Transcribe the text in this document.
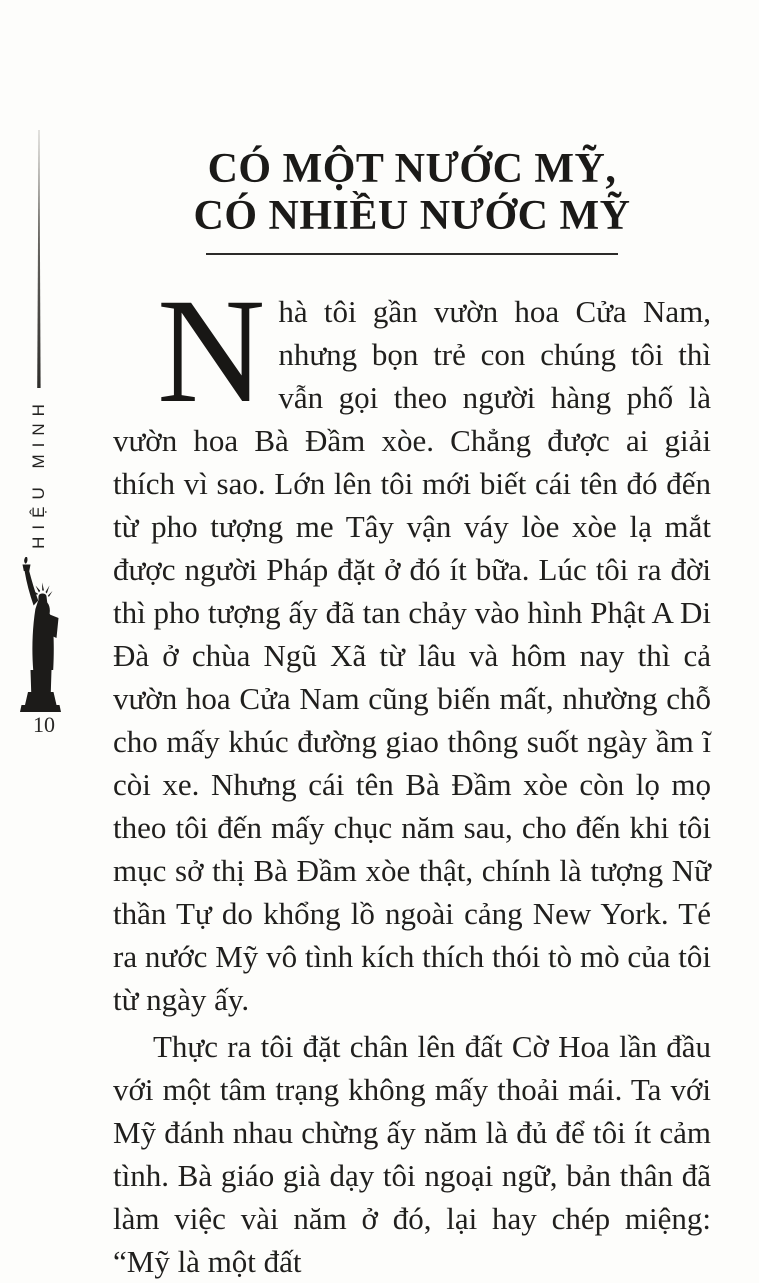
HIỆU MINH
10
CÓ MỘT NƯỚC MỸ,
CÓ NHIỀU NƯỚC MỸ

Nhà tôi gần vườn hoa Cửa Nam, nhưng bọn trẻ con chúng tôi thì vẫn gọi theo người hàng phố là vườn hoa Bà Đầm xòe. Chẳng được ai giải thích vì sao. Lớn lên tôi mới biết cái tên đó đến từ pho tượng me Tây vận váy lòe xòe lạ mắt được người Pháp đặt ở đó ít bữa. Lúc tôi ra đời thì pho tượng ấy đã tan chảy vào hình Phật A Di Đà ở chùa Ngũ Xã từ lâu và hôm nay thì cả vườn hoa Cửa Nam cũng biến mất, nhường chỗ cho mấy khúc đường giao thông suốt ngày ầm ĩ còi xe. Nhưng cái tên Bà Đầm xòe còn lọ mọ theo tôi đến mấy chục năm sau, cho đến khi tôi mục sở thị Bà Đầm xòe thật, chính là tượng Nữ thần Tự do khổng lồ ngoài cảng New York. Té ra nước Mỹ vô tình kích thích thói tò mò của tôi từ ngày ấy.

Thực ra tôi đặt chân lên đất Cờ Hoa lần đầu với một tâm trạng không mấy thoải mái. Ta với Mỹ đánh nhau chừng ấy năm là đủ để tôi ít cảm tình. Bà giáo già dạy tôi ngoại ngữ, bản thân đã làm việc vài năm ở đó, lại hay chép miệng: “Mỹ là một đất
